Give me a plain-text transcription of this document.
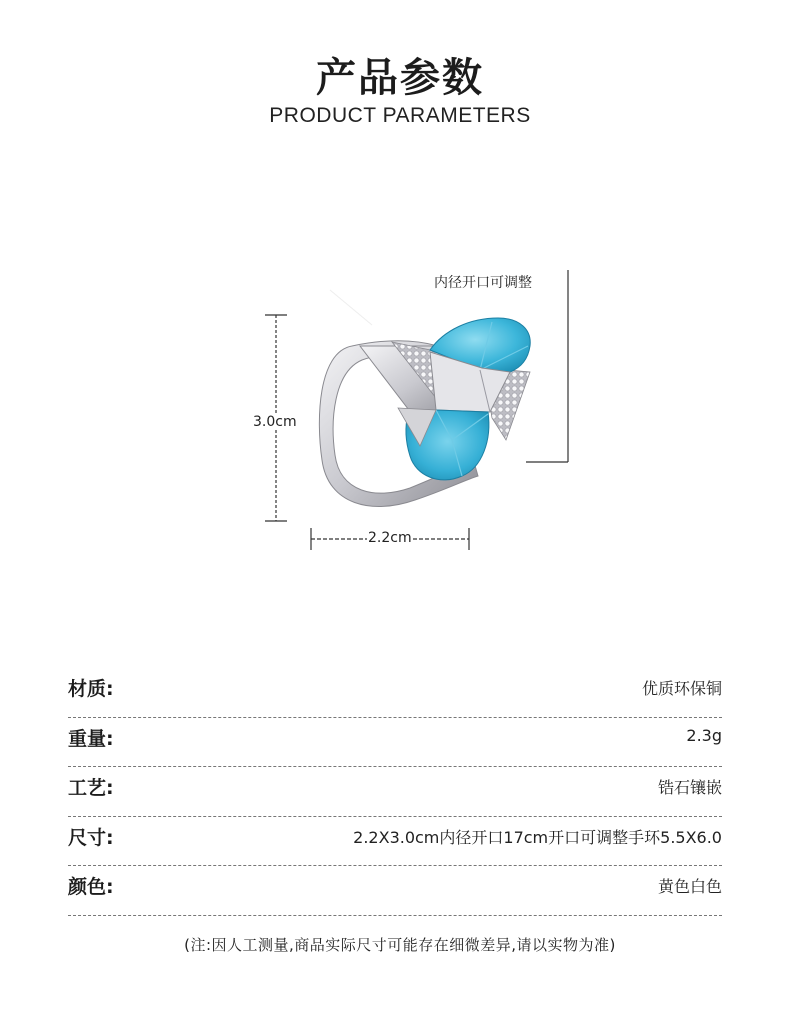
产品参数
PRODUCT PARAMETERS
内径开口可调整
3.0cm
2.2cm
材质:	优质环保铜
重量:	2.3g
工艺:	锆石镶嵌
尺寸:	2.2X3.0cm内径开口17cm开口可调整手环5.5X6.0
颜色:	黄色白色
(注:因人工测量,商品实际尺寸可能存在细微差异,请以实物为准)
